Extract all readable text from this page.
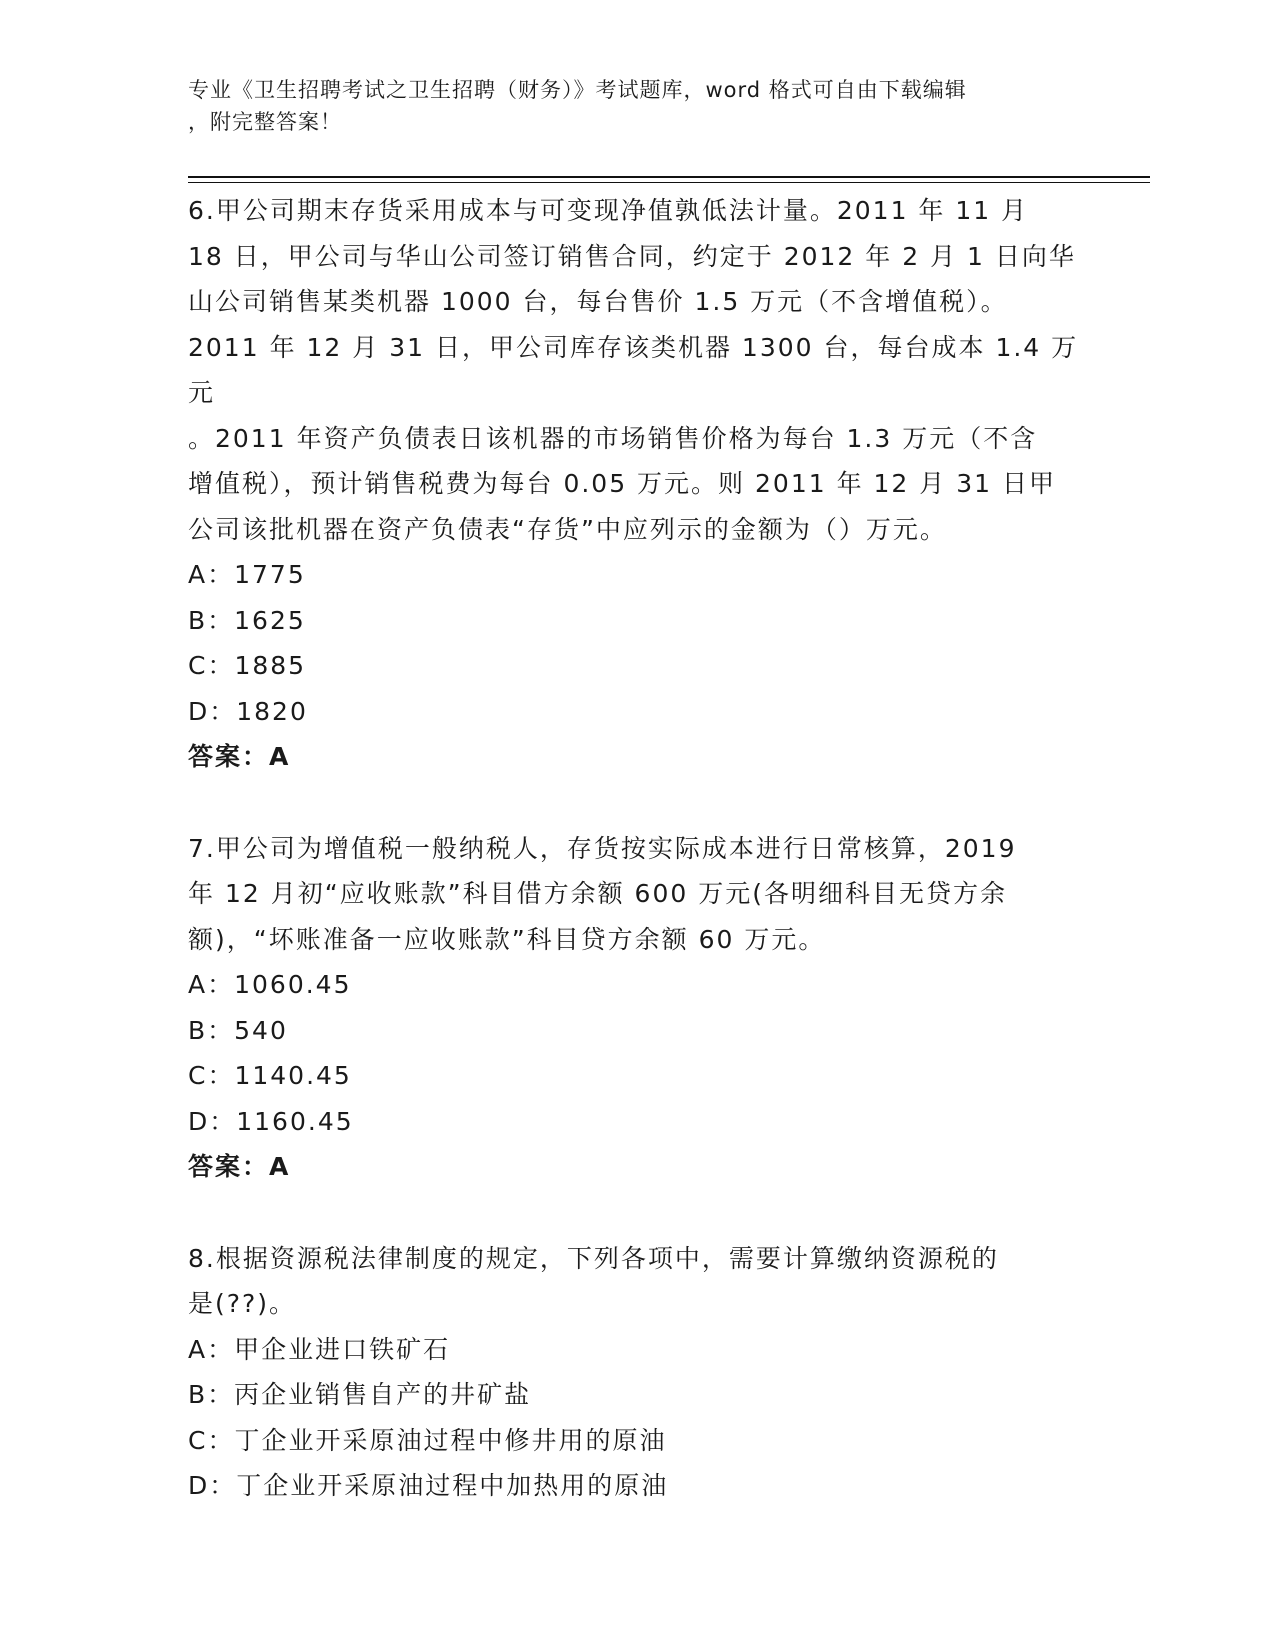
专业《卫生招聘考试之卫生招聘（财务）》考试题库，word 格式可自由下载编辑
，附完整答案！
6.甲公司期末存货采用成本与可变现净值孰低法计量。2011 年 11 月
18 日，甲公司与华山公司签订销售合同，约定于 2012 年 2 月 1 日向华
山公司销售某类机器 1000 台，每台售价 1.5 万元（不含增值税）。
2011 年 12 月 31 日，甲公司库存该类机器 1300 台，每台成本 1.4 万元
。2011 年资产负债表日该机器的市场销售价格为每台 1.3 万元（不含
增值税），预计销售税费为每台 0.05 万元。则 2011 年 12 月 31 日甲
公司该批机器在资产负债表“存货”中应列示的金额为（）万元。
A：1775
B：1625
C：1885
D：1820
答案：A
7.甲公司为增值税一般纳税人，存货按实际成本进行日常核算，2019
年 12 月初“应收账款”科目借方余额 600 万元(各明细科目无贷方余
额)，“坏账准备一应收账款”科目贷方余额 60 万元。
A：1060.45
B：540
C：1140.45
D：1160.45
答案：A
8.根据资源税法律制度的规定，下列各项中，需要计算缴纳资源税的
是(??)。
A：甲企业进口铁矿石
B：丙企业销售自产的井矿盐
C：丁企业开采原油过程中修井用的原油
D：丁企业开采原油过程中加热用的原油
